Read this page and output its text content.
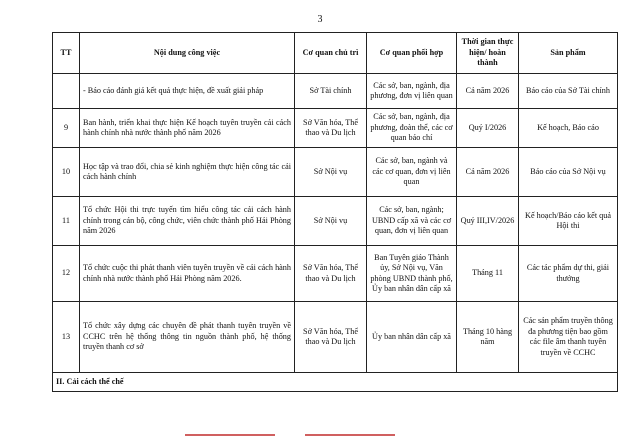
3
TT	Nội dung công việc	Cơ quan chủ trì	Cơ quan phối hợp	Thời gian thực hiện/ hoàn thành	Sản phẩm
	- Báo cáo đánh giá kết quả thực hiện, đề xuất giải pháp	Sở Tài chính	Các sở, ban, ngành, địa phương, đơn vị liên quan	Cả năm 2026	Báo cáo của Sở Tài chính
9	Ban hành, triển khai thực hiện Kế hoạch tuyên truyền cải cách hành chính nhà nước thành phố năm 2026	Sở Văn hóa, Thể thao và Du lịch	Các sở, ban, ngành, địa phương, đoàn thể, các cơ quan báo chí	Quý I/2026	Kế hoạch, Báo cáo
10	Học tập và trao đổi, chia sẻ kinh nghiệm thực hiện công tác cải cách hành chính	Sở Nội vụ	Các sở, ban, ngành và các cơ quan, đơn vị liên quan	Cả năm 2026	Báo cáo của Sở Nội vụ
11	Tổ chức Hội thi trực tuyến tìm hiểu công tác cải cách hành chính trong cán bộ, công chức, viên chức thành phố Hải Phòng năm 2026	Sở Nội vụ	Các sở, ban, ngành; UBND cấp xã và các cơ quan, đơn vị liên quan	Quý III,IV/2026	Kế hoạch/Báo cáo kết quả Hội thi
12	Tổ chức cuộc thi phát thanh viên tuyên truyền về cải cách hành chính nhà nước thành phố Hải Phòng năm 2026.	Sở Văn hóa, Thể thao và Du lịch	Ban Tuyên giáo Thành ủy, Sở Nội vụ, Văn phòng UBND thành phố, Ủy ban nhân dân cấp xã	Tháng 11	Các tác phẩm dự thi, giải thưởng
13	Tổ chức xây dựng các chuyên đề phát thanh tuyên truyền về CCHC trên hệ thống thông tin nguồn thành phố, hệ thống truyền thanh cơ sở	Sở Văn hóa, Thể thao và Du lịch	Ủy ban nhân dân cấp xã	Tháng 10 hàng năm	Các sản phẩm truyền thông đa phương tiện bao gồm các file âm thanh tuyên truyền về CCHC
II. Cải cách thể chế					
